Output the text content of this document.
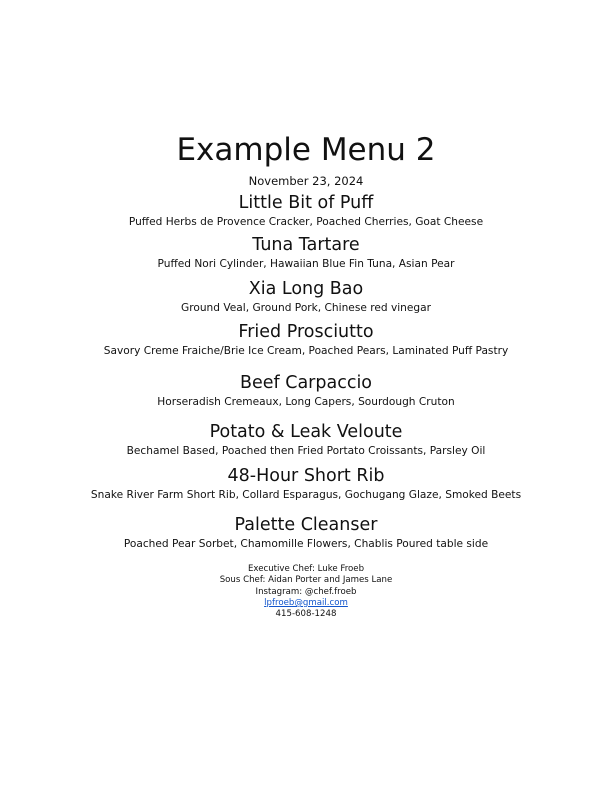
Example Menu 2
November 23, 2024
Little Bit of Puff
Puffed Herbs de Provence Cracker, Poached Cherries, Goat Cheese
Tuna Tartare
Puffed Nori Cylinder, Hawaiian Blue Fin Tuna, Asian Pear
Xia Long Bao
Ground Veal, Ground Pork, Chinese red vinegar
Fried Prosciutto
Savory Creme Fraiche/Brie Ice Cream, Poached Pears, Laminated Puff Pastry
Beef Carpaccio
Horseradish Cremeaux, Long Capers, Sourdough Cruton
Potato & Leak Veloute
Bechamel Based, Poached then Fried Portato Croissants, Parsley Oil
48-Hour Short Rib
Snake River Farm Short Rib, Collard Esparagus, Gochugang Glaze, Smoked Beets
Palette Cleanser
Poached Pear Sorbet, Chamomille Flowers, Chablis Poured table side
Executive Chef: Luke Froeb
Sous Chef: Aidan Porter and James Lane
Instagram: @chef.froeb
lpfroeb@gmail.com
415-608-1248
